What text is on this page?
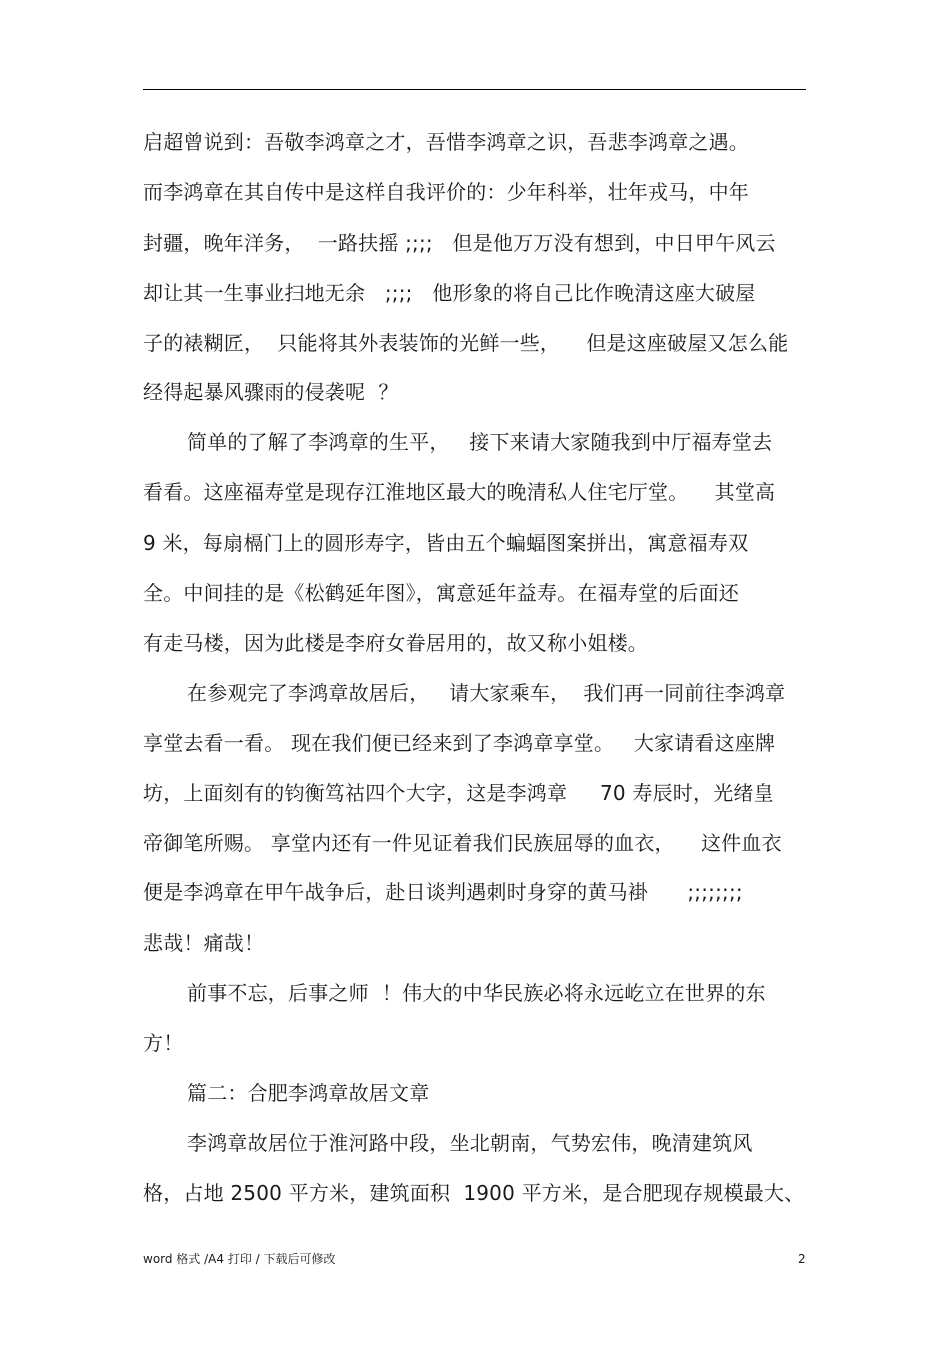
启超曾说到：吾敬李鸿章之才，吾惜李鸿章之识，吾悲李鸿章之遇。
而李鸿章在其自传中是这样自我评价的：少年科举，壮年戎马，中年
封疆，晚年洋务，  一路扶摇 ;;;;   但是他万万没有想到，中日甲午风云
却让其一生事业扫地无余   ;;;;   他形象的将自己比作晚清这座大破屋
子的裱糊匠，  只能将其外表装饰的光鲜一些，    但是这座破屋又怎么能
经得起暴风骤雨的侵袭呢  ？
简单的了解了李鸿章的生平，   接下来请大家随我到中厅福寿堂去
看看。这座福寿堂是现存江淮地区最大的晚清私人住宅厅堂。    其堂高
9 米，每扇槅门上的圆形寿字，皆由五个蝙蝠图案拼出，寓意福寿双
全。中间挂的是《松鹤延年图》，寓意延年益寿。在福寿堂的后面还
有走马楼，因为此楼是李府女眷居用的，故又称小姐楼。
在参观完了李鸿章故居后，   请大家乘车，  我们再一同前往李鸿章
享堂去看一看。 现在我们便已经来到了李鸿章享堂。   大家请看这座牌
坊，上面刻有的钧衡笃祜四个大字，这是李鸿章     70 寿辰时，光绪皇
帝御笔所赐。 享堂内还有一件见证着我们民族屈辱的血衣，    这件血衣
便是李鸿章在甲午战争后，赴日谈判遇刺时身穿的黄马褂      ;;;;;;;;
悲哉！痛哉！
前事不忘，后事之师  ！伟大的中华民族必将永远屹立在世界的东
方！
篇二：合肥李鸿章故居文章
李鸿章故居位于淮河路中段，坐北朝南，气势宏伟，晚清建筑风
格，占地 2500 平方米，建筑面积  1900 平方米，是合肥现存规模最大、
word 格式 /A4 打印 / 下载后可修改	2
